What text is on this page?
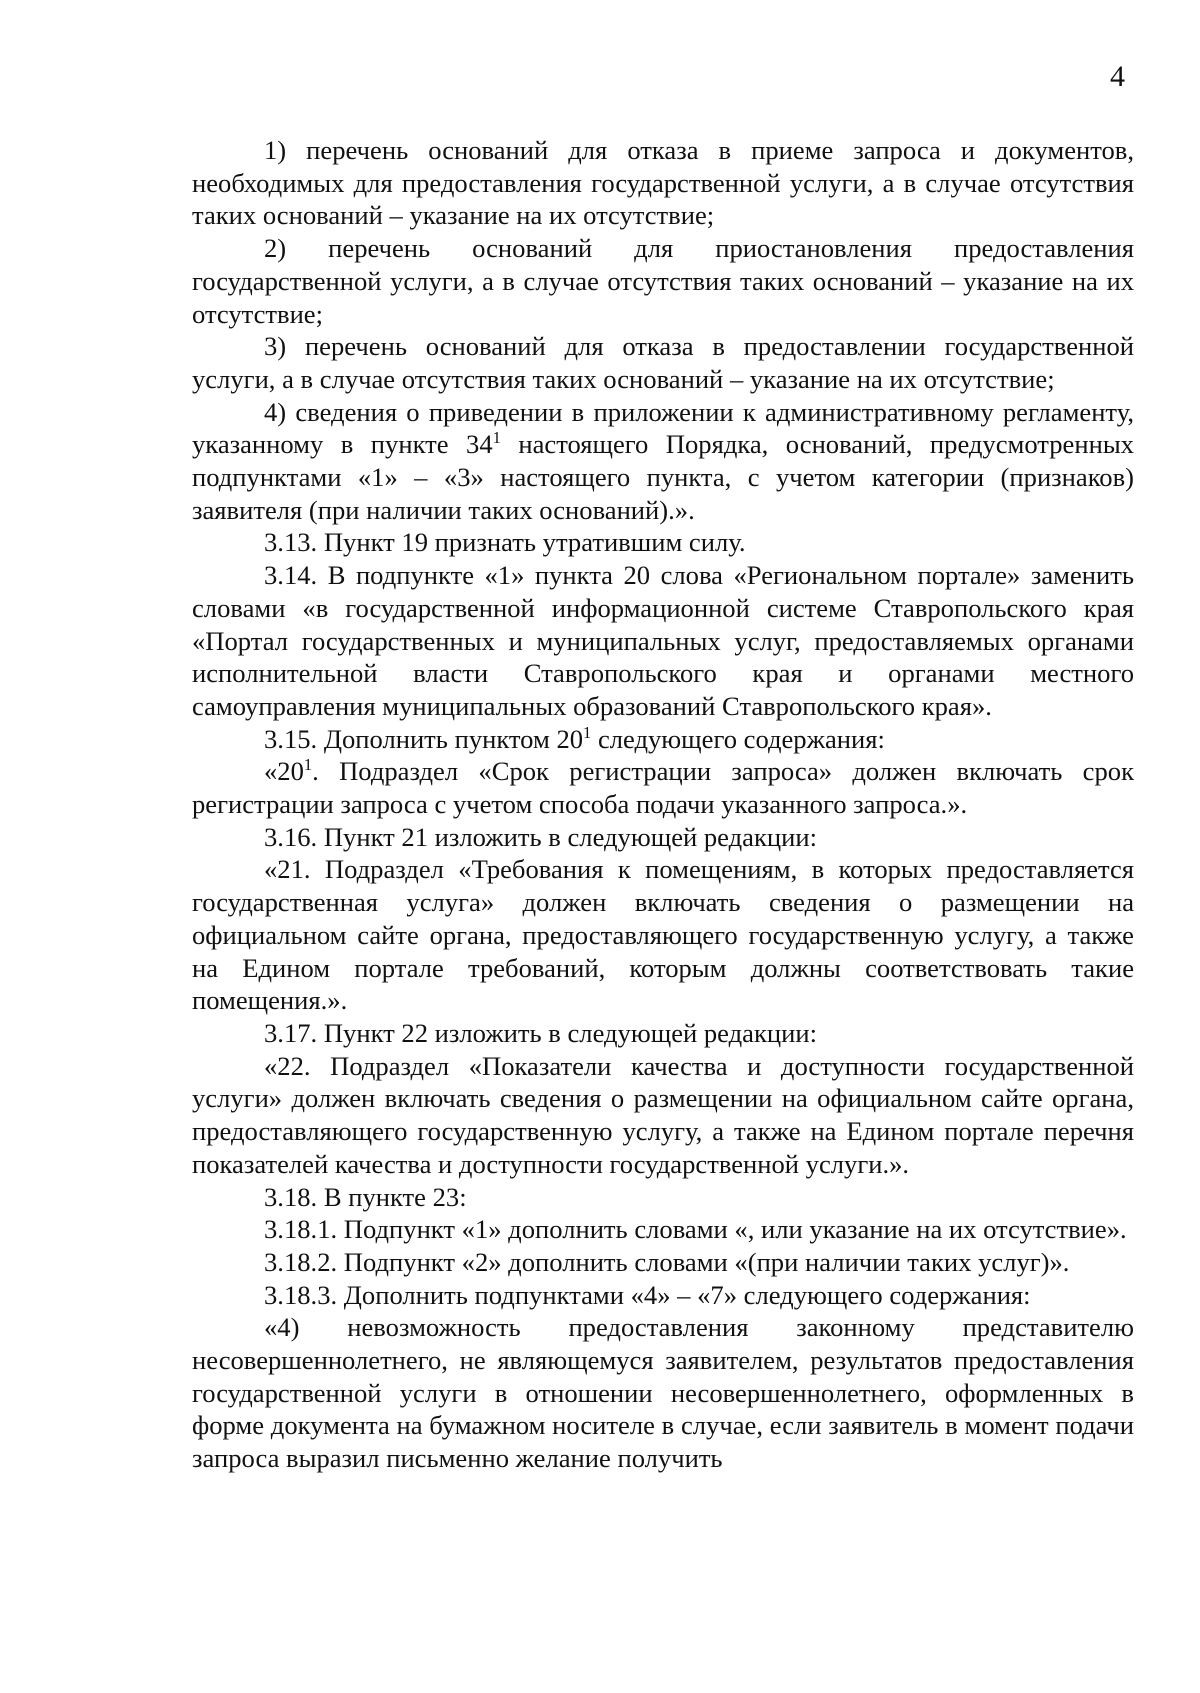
4

1) перечень оснований для отказа в приеме запроса и документов, необходимых для предоставления государственной услуги, а в случае отсутствия таких оснований – указание на их отсутствие;

2) перечень оснований для приостановления предоставления государственной услуги, а в случае отсутствия таких оснований – указание на их отсутствие;

3) перечень оснований для отказа в предоставлении государственной услуги, а в случае отсутствия таких оснований – указание на их отсутствие;

4) сведения о приведении в приложении к административному регламенту, указанному в пункте $34^1$ настоящего Порядка, оснований, предусмотренных подпунктами «1» – «3» настоящего пункта, с учетом категории (признаков) заявителя (при наличии таких оснований).».

3.13. Пункт 19 признать утратившим силу.

3.14. В подпункте «1» пункта 20 слова «Региональном портале» заменить словами «в государственной информационной системе Ставропольского края «Портал государственных и муниципальных услуг, предоставляемых органами исполнительной власти Ставропольского края и органами местного самоуправления муниципальных образований Ставропольского края».

3.15. Дополнить пунктом $20^1$ следующего содержания:

«$20^1$. Подраздел «Срок регистрации запроса» должен включать срок регистрации запроса с учетом способа подачи указанного запроса.».

3.16. Пункт 21 изложить в следующей редакции:

«21. Подраздел «Требования к помещениям, в которых предоставляется государственная услуга» должен включать сведения о размещении на официальном сайте органа, предоставляющего государственную услугу, а также на Едином портале требований, которым должны соответствовать такие помещения.».

3.17. Пункт 22 изложить в следующей редакции:

«22. Подраздел «Показатели качества и доступности государственной услуги» должен включать сведения о размещении на официальном сайте органа, предоставляющего государственную услугу, а также на Едином портале перечня показателей качества и доступности государственной услуги.».

3.18. В пункте 23:

3.18.1. Подпункт «1» дополнить словами «, или указание на их отсутствие».

3.18.2. Подпункт «2» дополнить словами «(при наличии таких услуг)».

3.18.3. Дополнить подпунктами «4» – «7» следующего содержания:

«4) невозможность предоставления законному представителю несовершеннолетнего, не являющемуся заявителем, результатов предоставления государственной услуги в отношении несовершеннолетнего, оформленных в форме документа на бумажном носителе в случае, если заявитель в момент подачи запроса выразил письменно желание получить
